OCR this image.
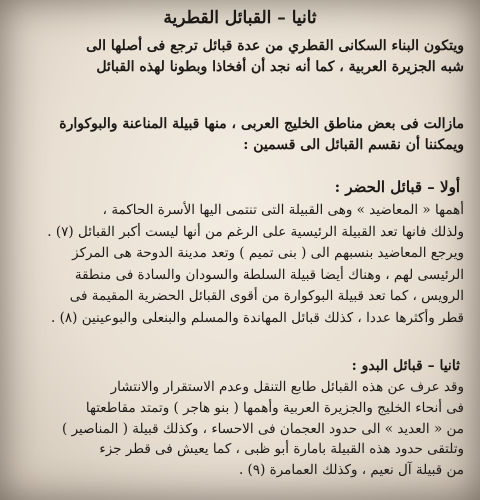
ثانيا – القبائل القطرية

ويتكون البناء السكانى القطري من عدة قبائل ترجع فى أصلها الى
شبه الجزيرة العربية ، كما أنه نجد أن أفخاذا وبطونا لهذه القبائل

مازالت فى بعض مناطق الخليج العربى ، منها قبيلة المناعنة والبوكوارة
ويمكننا أن نقسم القبائل الى قسمين :

أولا – قبائل الحضر :

أهمها « المعاضيد » وهى القبيلة التى تنتمى اليها الأسرة الحاكمة ،
ولذلك فانها تعد القبيلة الرئيسية على الرغم من أنها ليست أكبر القبائل (٧) .
ويرجع المعاضيد بنسبهم الى ( بنى تميم ) وتعد مدينة الدوحة هى المركز
الرئيسى لهم ، وهناك أيضا قبيلة السلطة والسودان والسادة فى منطقة
الرويس ، كما تعد قبيلة البوكوارة من أقوى القبائل الحضرية المقيمة فى
قطر وأكثرها عددا ، كذلك قبائل المهاندة والمسلم والبنعلى والبوعينين (٨) .

ثانيا – قبائل البدو :

وقد عرف عن هذه القبائل طابع التنقل وعدم الاستقرار والانتشار
فى أنحاء الخليج والجزيرة العربية وأهمها ( بنو هاجر ) وتمتد مقاطعتها
من « العديد » الى حدود العجمان فى الاحساء ، وكذلك قبيلة ( المناصير )
وتلتقى حدود هذه القبيلة بامارة أبو ظبى ، كما يعيش فى قطر جزء
من قبيلة آل نعيم ، وكذلك العمامرة (٩) .
